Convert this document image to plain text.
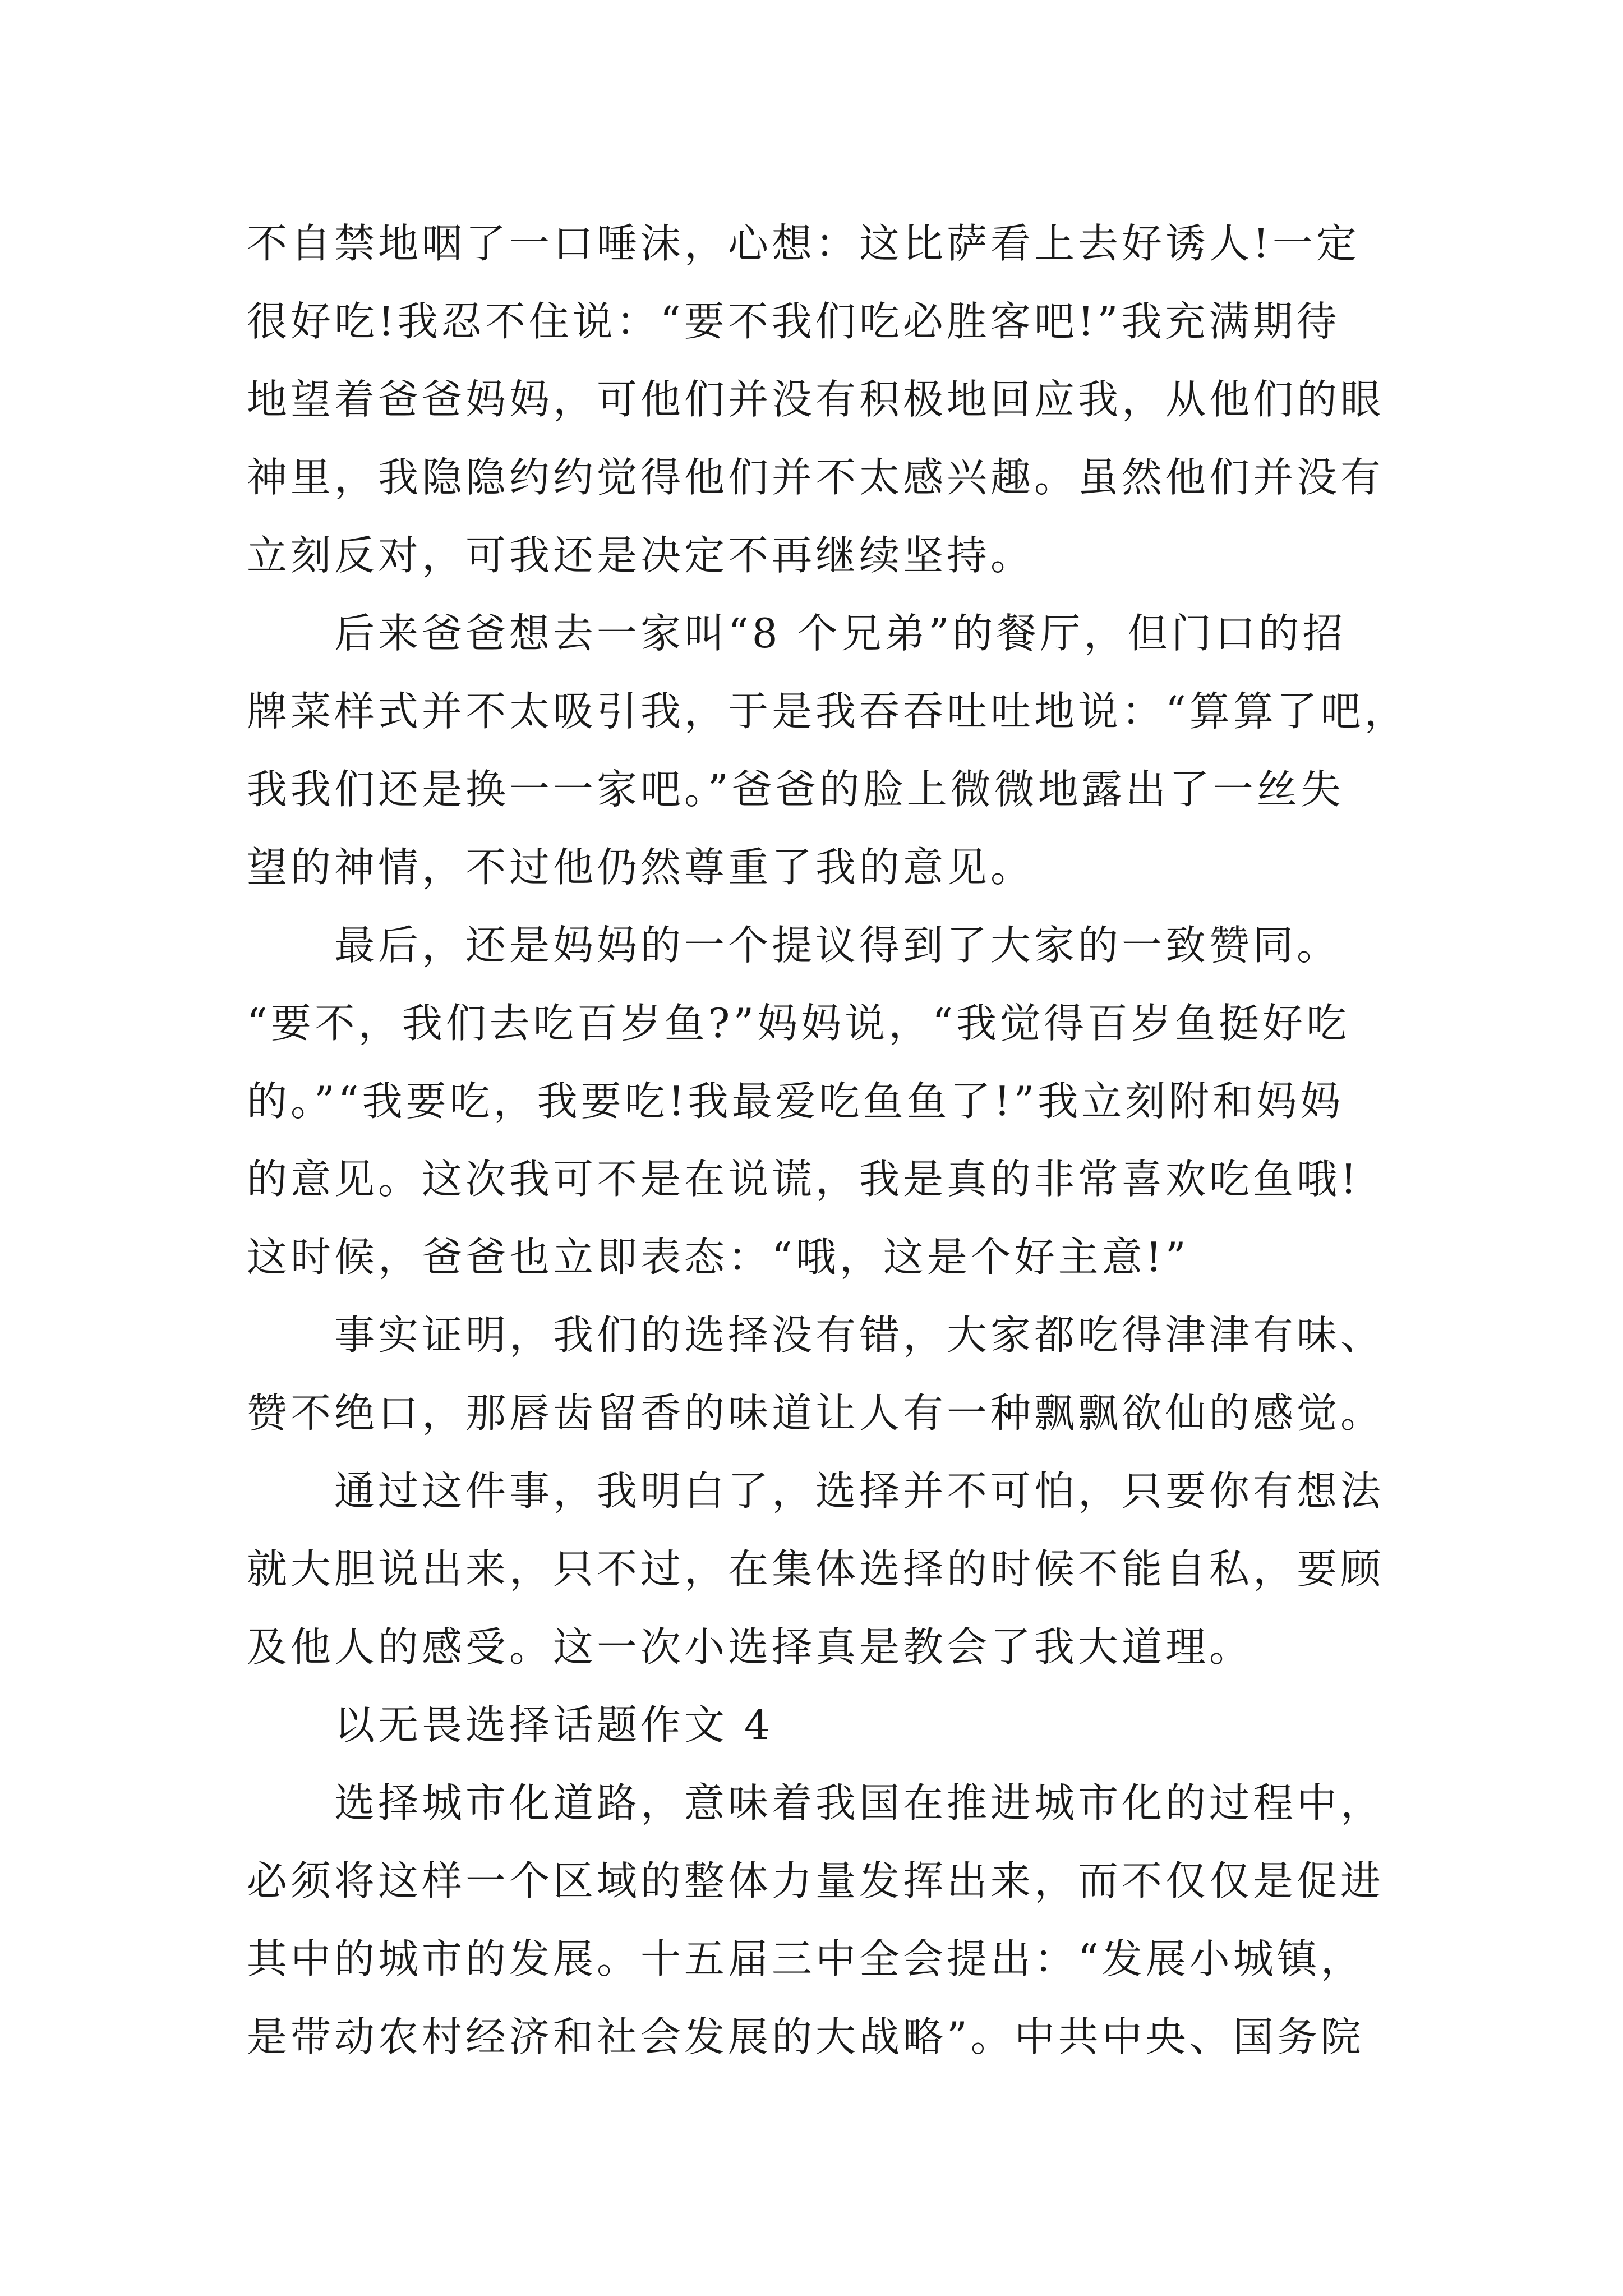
不自禁地咽了一口唾沫，心想：这比萨看上去好诱人!一定
很好吃!我忍不住说：“要不我们吃必胜客吧!”我充满期待
地望着爸爸妈妈，可他们并没有积极地回应我，从他们的眼
神里，我隐隐约约觉得他们并不太感兴趣。虽然他们并没有
立刻反对，可我还是决定不再继续坚持。
　　后来爸爸想去一家叫“8 个兄弟”的餐厅，但门口的招
牌菜样式并不太吸引我，于是我吞吞吐吐地说：“算算了吧，
我我们还是换一一家吧。”爸爸的脸上微微地露出了一丝失
望的神情，不过他仍然尊重了我的意见。
　　最后，还是妈妈的一个提议得到了大家的一致赞同。
“要不，我们去吃百岁鱼?”妈妈说，“我觉得百岁鱼挺好吃
的。”“我要吃，我要吃!我最爱吃鱼鱼了!”我立刻附和妈妈
的意见。这次我可不是在说谎，我是真的非常喜欢吃鱼哦!
这时候，爸爸也立即表态：“哦，这是个好主意!”
　　事实证明，我们的选择没有错，大家都吃得津津有味、
赞不绝口，那唇齿留香的味道让人有一种飘飘欲仙的感觉。
　　通过这件事，我明白了，选择并不可怕，只要你有想法
就大胆说出来，只不过，在集体选择的时候不能自私，要顾
及他人的感受。这一次小选择真是教会了我大道理。
　　以无畏选择话题作文 4
　　选择城市化道路，意味着我国在推进城市化的过程中，
必须将这样一个区域的整体力量发挥出来，而不仅仅是促进
其中的城市的发展。十五届三中全会提出：“发展小城镇，
是带动农村经济和社会发展的大战略”。中共中央、国务院
